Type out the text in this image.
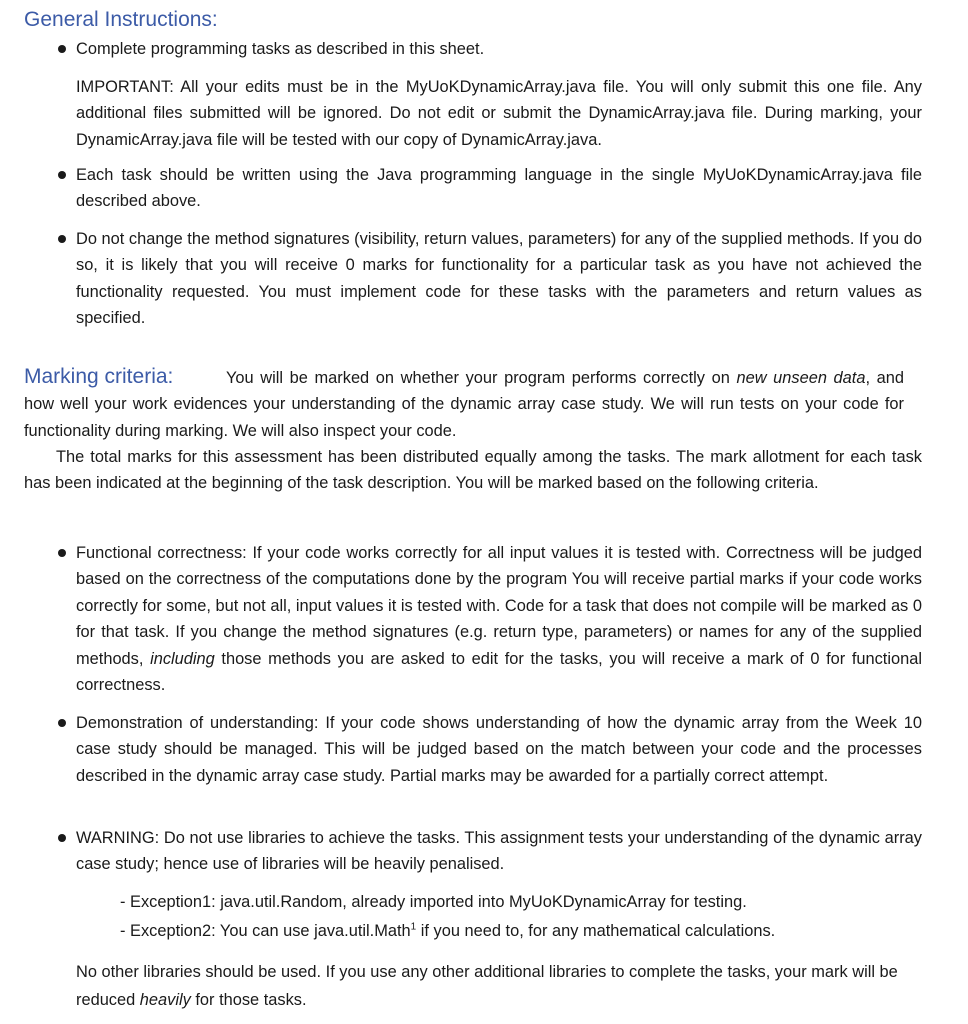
General Instructions:
Complete programming tasks as described in this sheet.
IMPORTANT: All your edits must be in the MyUoKDynamicArray.java file. You will only submit this one file. Any additional files submitted will be ignored. Do not edit or submit the DynamicArray.java file. During marking, your DynamicArray.java file will be tested with our copy of DynamicArray.java.
Each task should be written using the Java programming language in the single MyUoKDynamicArray.java file described above.
Do not change the method signatures (visibility, return values, parameters) for any of the supplied methods. If you do so, it is likely that you will receive 0 marks for functionality for a particular task as you have not achieved the functionality requested. You must implement code for these tasks with the parameters and return values as specified.
Marking criteria:	You will be marked on whether your program performs correctly on new unseen data, and how well your work evidences your understanding of the dynamic array case study. We will run tests on your code for functionality during marking. We will also inspect your code.
The total marks for this assessment has been distributed equally among the tasks. The mark allotment for each task has been indicated at the beginning of the task description. You will be marked based on the following criteria.
Functional correctness: If your code works correctly for all input values it is tested with. Correctness will be judged based on the correctness of the computations done by the program You will receive partial marks if your code works correctly for some, but not all, input values it is tested with. Code for a task that does not compile will be marked as 0 for that task. If you change the method signatures (e.g. return type, parameters) or names for any of the supplied methods, including those methods you are asked to edit for the tasks, you will receive a mark of 0 for functional correctness.
Demonstration of understanding: If your code shows understanding of how the dynamic array from the Week 10 case study should be managed. This will be judged based on the match between your code and the processes described in the dynamic array case study. Partial marks may be awarded for a partially correct attempt.
WARNING: Do not use libraries to achieve the tasks. This assignment tests your understanding of the dynamic array case study; hence use of libraries will be heavily penalised.
- Exception1: java.util.Random, already imported into MyUoKDynamicArray for testing.
- Exception2: You can use java.util.Math$^1$ if you need to, for any mathematical calculations.
No other libraries should be used. If you use any other additional libraries to complete the tasks, your mark will be reduced heavily for those tasks.
